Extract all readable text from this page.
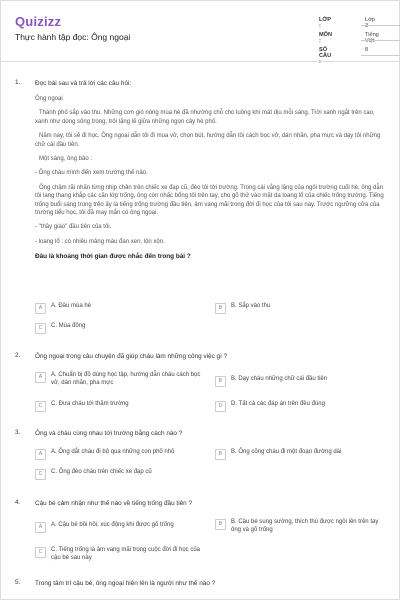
Quizizz
Thực hành tập đọc: Ông ngoại
LỚP :
Lớp 3
MÔN :
Tiếng Việt
SỐ CÂU :
8
1. Đọc bài sau và trả lời các câu hỏi:

Ông ngoại

Thành phố sắp vào thu. Những cơn gió nóng mùa hè đã nhường chỗ cho luồng khí mát dịu mỗi sáng. Trời xanh ngắt trên cao, xanh như dòng sông trong, trôi lặng lẽ giữa những ngọn cây hè phố.

Năm nay, tôi sẽ đi học. Ông ngoại dẫn tôi đi mua vở, chọn bút, hướng dẫn tôi cách bọc vở, dán nhãn, pha mực và dạy tôi những chữ cái đầu tiên.

Một sáng, ông bảo :

- Ông cháu mình đến xem trường thế nào.

Ông chậm rãi nhấn từng nhịp chân trên chiếc xe đạp cũ, đèo tôi tới trường. Trong cái vắng lặng của ngôi trường cuối hè, ông dẫn tôi lang thang khắp các căn lớp trống, ông còn nhấc bổng tôi trên tay, cho gõ thử vào mặt da loang lổ của chiếc trống trường. Tiếng trống buổi sáng trong trẻo ấy là tiếng trống trường đầu tiên, âm vang mãi trong đời đi học của tôi sau này. Trước ngưỡng cửa của trường tiểu học, tôi đã may mắn có ông ngoại.

- "thầy giáo" đầu tiên của tôi.

- loang lổ : có nhiều mảng màu đan xen, lộn xộn.

Đâu là khoảng thời gian được nhắc đến trong bài ?

A	A. Đầu mùa hè	B	B. Sắp vào thu
C	C. Mùa đông
2. Ông ngoại trong câu chuyện đã giúp cháu làm những công việc gì ?

A	A. Chuẩn bị đồ dùng học tập, hướng dẫn cháu cách bọc vở, dán nhãn, pha mực	B	B. Dạy cháu những chữ cái đầu tiên
C	C. Đưa cháu tới thăm trường	D	D. Tất cả các đáp án trên đều đúng
3. Ông và cháu cùng nhau tới trường bằng cách nào ?

A	A. Ông dắt cháu đi bộ qua những con phố nhỏ	B	B. Ông cõng cháu đi một đoạn đường dài
C	C. Ông đèo cháu trên chiếc xe đạp cũ
4. Cậu bé cảm nhận như thế nào về tiếng trống đầu tiên ?

A	A. Cậu bé bồi hồi, xúc động khi được gõ trống	B	B. Cậu bé sung sướng, thích thú được ngồi lên trên tay ông và gõ trống
C	C. Tiếng trống là âm vang mãi trong cuộc đời đi học của cậu bé sau này
5. Trong tâm trí cậu bé, ông ngoại hiện lên là người như thế nào ?
